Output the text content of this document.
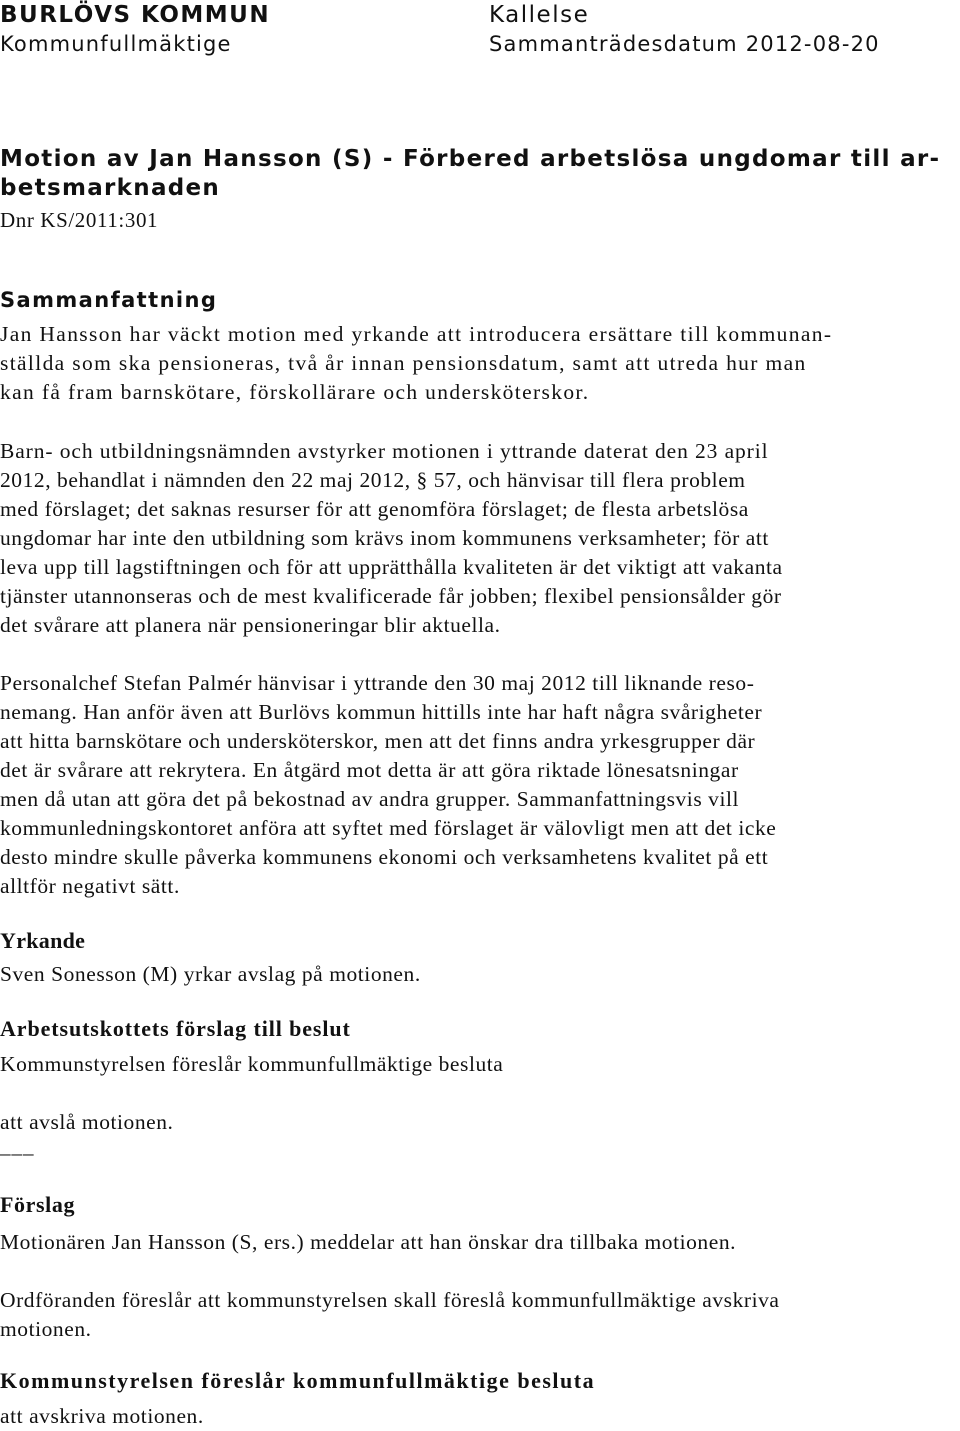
BURLÖVS KOMMUN
Kommunfullmäktige
Kallelse
Sammanträdesdatum 2012-08-20
Motion av Jan Hansson (S) - Förbered arbetslösa ungdomar till ar-
betsmarknaden
Dnr KS/2011:301
Sammanfattning
Jan Hansson har väckt motion med yrkande att introducera ersättare till kommunan-
ställda som ska pensioneras, två år innan pensionsdatum, samt att utreda hur man
kan få fram barnskötare, förskollärare och undersköterskor.
Barn- och utbildningsnämnden avstyrker motionen i yttrande daterat den 23 april
2012, behandlat i nämnden den 22 maj 2012, § 57, och hänvisar till flera problem
med förslaget; det saknas resurser för att genomföra förslaget; de flesta arbetslösa
ungdomar har inte den utbildning som krävs inom kommunens verksamheter; för att
leva upp till lagstiftningen och för att upprätthålla kvaliteten är det viktigt att vakanta
tjänster utannonseras och de mest kvalificerade får jobben; flexibel pensionsålder gör
det svårare att planera när pensioneringar blir aktuella.
Personalchef Stefan Palmér hänvisar i yttrande den 30 maj 2012 till liknande reso-
nemang. Han anför även att Burlövs kommun hittills inte har haft några svårigheter
att hitta barnskötare och undersköterskor, men att det finns andra yrkesgrupper där
det är svårare att rekrytera. En åtgärd mot detta är att göra riktade lönesatsningar
men då utan att göra det på bekostnad av andra grupper. Sammanfattningsvis vill
kommunledningskontoret anföra att syftet med förslaget är välovligt men att det icke
desto mindre skulle påverka kommunens ekonomi och verksamhetens kvalitet på ett
alltför negativt sätt.
Yrkande
Sven Sonesson (M) yrkar avslag på motionen.
Arbetsutskottets förslag till beslut
Kommunstyrelsen föreslår kommunfullmäktige besluta
att avslå motionen.
___
Förslag
Motionären Jan Hansson (S, ers.) meddelar att han önskar dra tillbaka motionen.
Ordföranden föreslår att kommunstyrelsen skall föreslå kommunfullmäktige avskriva
motionen.
Kommunstyrelsen föreslår kommunfullmäktige besluta
att avskriva motionen.
